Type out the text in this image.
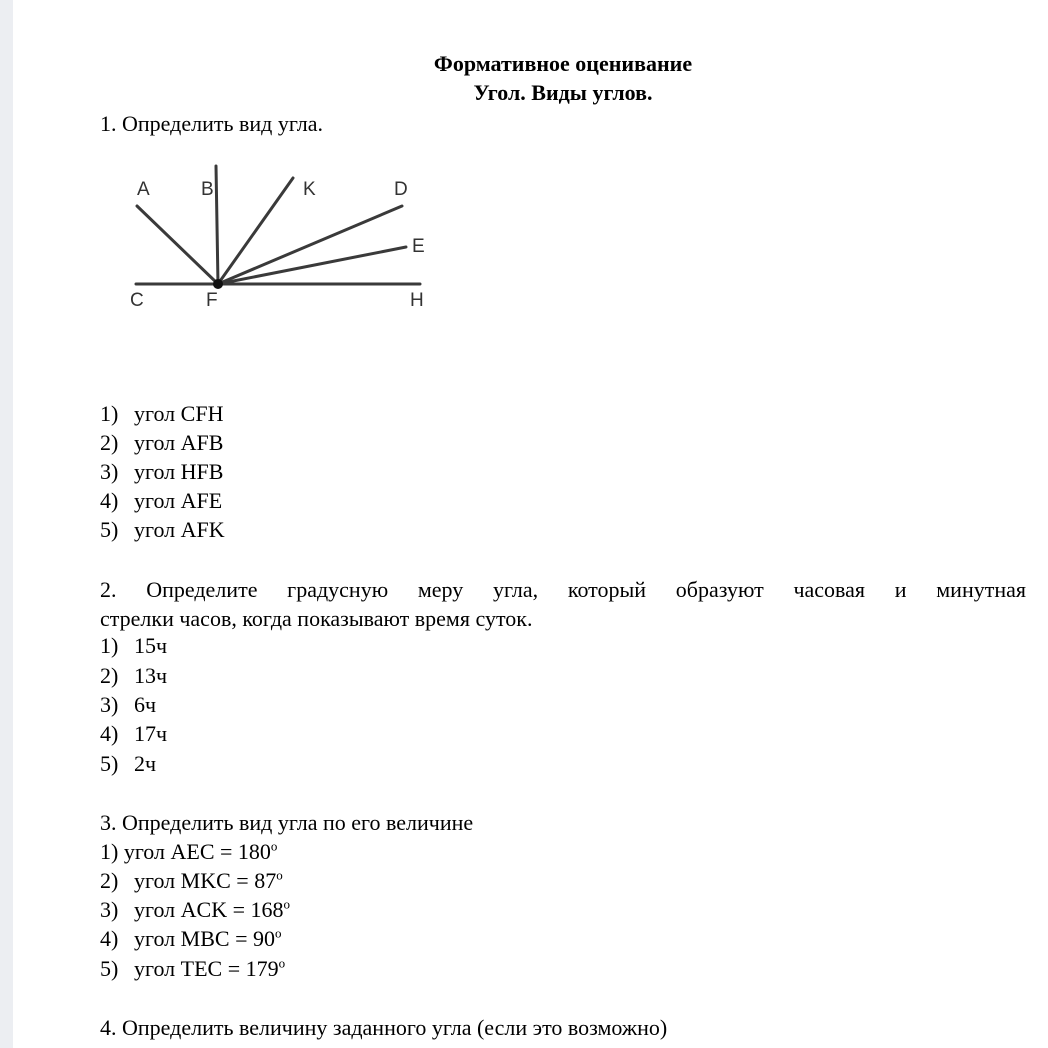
Формативное оценивание
Угол. Виды углов.
1. Определить вид угла.
1) угол CFH
2) угол AFB
3) угол HFB
4) угол AFE
5) угол AFK
2. Определите градусную меру угла, который образуют часовая и минутная
стрелки часов, когда показывают время суток.
1) 15ч
2) 13ч
3) 6ч
4) 17ч
5) 2ч
3. Определить вид угла по его величине
1) угол AEC = $180^o$
2) угол MKC = $87^o$
3) угол ACK = $168^o$
4) угол MBC = $90^o$
5) угол TEC = $179^o$
4. Определить величину заданного угла (если это возможно)
A	B	K	D
E
C	F	H
